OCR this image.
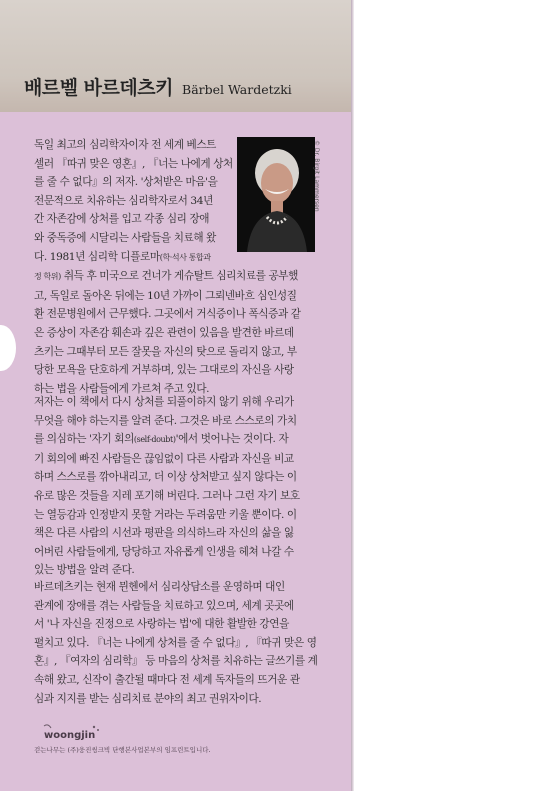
배르벨 바르데츠키 Bärbel Wardetzki
© Dr. Birgit Lammersen

독일 최고의 심리학자이자 전 세계 베스트
셀러 『따귀 맞은 영혼』, 『너는 나에게 상처
를 줄 수 없다』의 저자. '상처받은 마음'을
전문적으로 치유하는 심리학자로서 34년
간 자존감에 상처를 입고 각종 심리 장애
와 중독증에 시달리는 사람들을 치료해 왔
다. 1981년 심리학 디플로마(학·석사 통합과
정 학위) 취득 후 미국으로 건너가 게슈탈트 심리치료를 공부했
고, 독일로 돌아온 뒤에는 10년 가까이 그뢰넨바흐 심인성질
환 전문병원에서 근무했다. 그곳에서 거식증이나 폭식증과 같
은 증상이 자존감 훼손과 깊은 관련이 있음을 발견한 바르데
츠키는 그때부터 모든 잘못을 자신의 탓으로 돌리지 않고, 부
당한 모욕을 단호하게 거부하며, 있는 그대로의 자신을 사랑
하는 법을 사람들에게 가르쳐 주고 있다.

저자는 이 책에서 다시 상처를 되풀이하지 않기 위해 우리가
무엇을 해야 하는지를 알려 준다. 그것은 바로 스스로의 가치
를 의심하는 '자기 회의(self-doubt)'에서 벗어나는 것이다. 자
기 회의에 빠진 사람들은 끊임없이 다른 사람과 자신을 비교
하며 스스로를 깎아내리고, 더 이상 상처받고 싶지 않다는 이
유로 많은 것들을 지레 포기해 버린다. 그러나 그런 자기 보호
는 열등감과 인정받지 못할 거라는 두려움만 키울 뿐이다. 이
책은 다른 사람의 시선과 평판을 의식하느라 자신의 삶을 잃
어버린 사람들에게, 당당하고 자유롭게 인생을 헤쳐 나갈 수
있는 방법을 알려 준다.

바르데츠키는 현재 뮌헨에서 심리상담소를 운영하며 대인
관계에 장애를 겪는 사람들을 치료하고 있으며, 세계 곳곳에
서 '나 자신을 진정으로 사랑하는 법'에 대한 활발한 강연을
펼치고 있다. 『너는 나에게 상처를 줄 수 없다』, 『따귀 맞은 영
혼』, 『여자의 심리학』 등 마음의 상처를 치유하는 글쓰기를 계
속해 왔고, 신작이 출간될 때마다 전 세계 독자들의 뜨거운 관
심과 지지를 받는 심리치료 분야의 최고 권위자이다.

woongjin
걷는나무는 (주)웅진씽크빅 단행본사업본부의 임프린트입니다.
